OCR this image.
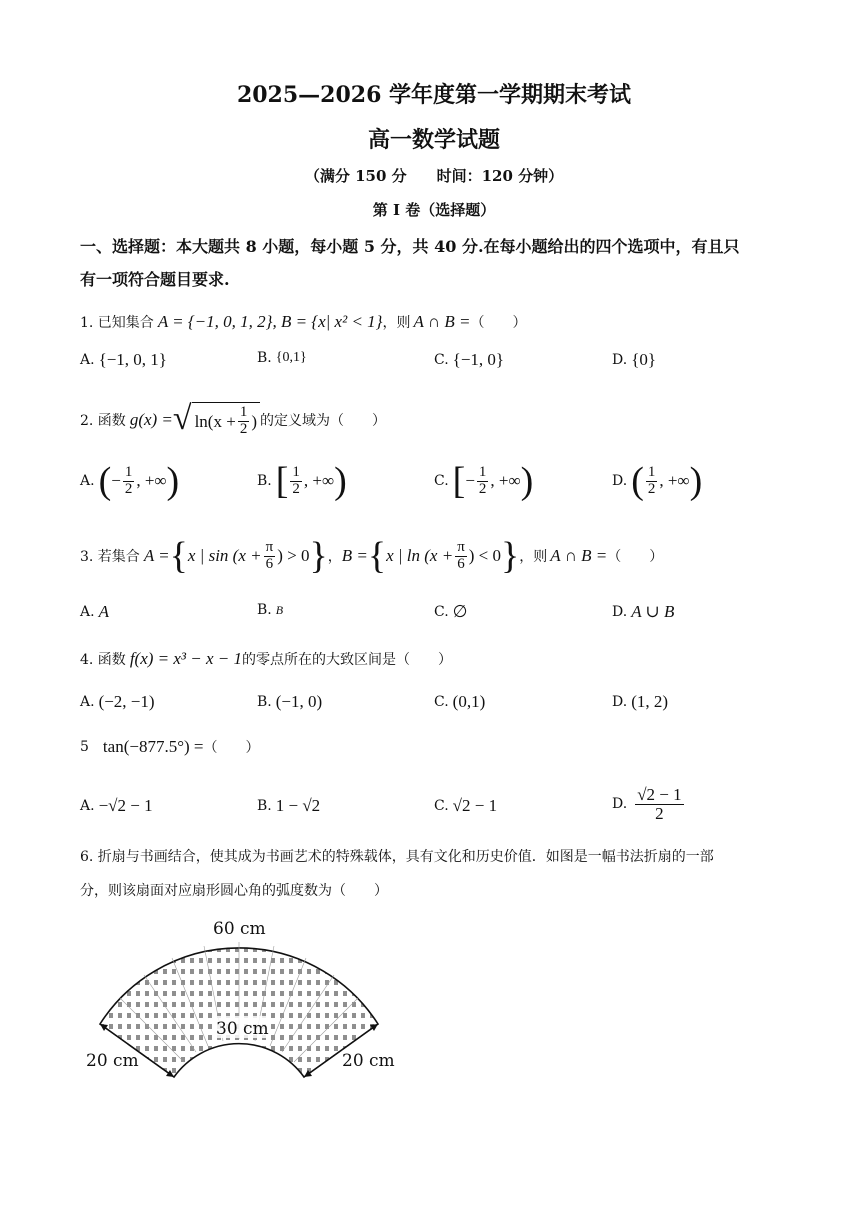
2025—2026 学年度第一学期期末考试
高一数学试题
（满分 150 分　　时间：120 分钟）
第 I 卷（选择题）
一、选择题：本大题共 8 小题，每小题 5 分，共 40 分.在每小题给出的四个选项中，有且只
有一项符合题目要求.
1. 已知集合 A = {−1, 0, 1, 2} , B = {x| x² < 1} ，则 A ∩ B = （　　）
A. {−1, 0, 1}	B. {0,1}	C. {−1, 0}	D. {0}
2. 函数 g(x) = √ $\ln(x + \frac{1}{2}$ ) 的定义域为（　　）
A. ( − $\frac{1}{2}$ , +∞ )	B. [ $\frac{1}{2}$ , +∞ )	C. [ − $\frac{1}{2}$ , +∞ )	D. ( $\frac{1}{2}$ , +∞ )
3. 若集合 A = { x | $\sin (x + \frac{\pi}{6}$ ) > 0 } ， B = { x | $\ln (x + \frac{\pi}{6}$ ) < 0 } ，则 A ∩ B = （　　）
A. A	B. B	C. ∅	D. A ∪ B
4. 函数 f(x) = x³ − x − 1 的零点所在的大致区间是（　　）
A. (−2, −1)	B. (−1, 0)	C. (0,1)	D. (1, 2)
5 tan(−877.5°) = （　　）
A. −√2 − 1	B. 1 − √2	C. √2 − 1	D. $\frac{√2 - 1}{2}$
6. 折扇与书画结合，使其成为书画艺术的特殊载体，具有文化和历史价值．如图是一幅书法折扇的一部
分，则该扇面对应扇形圆心角的弧度数为（　　）
60 cm
30 cm
20 cm	20 cm
